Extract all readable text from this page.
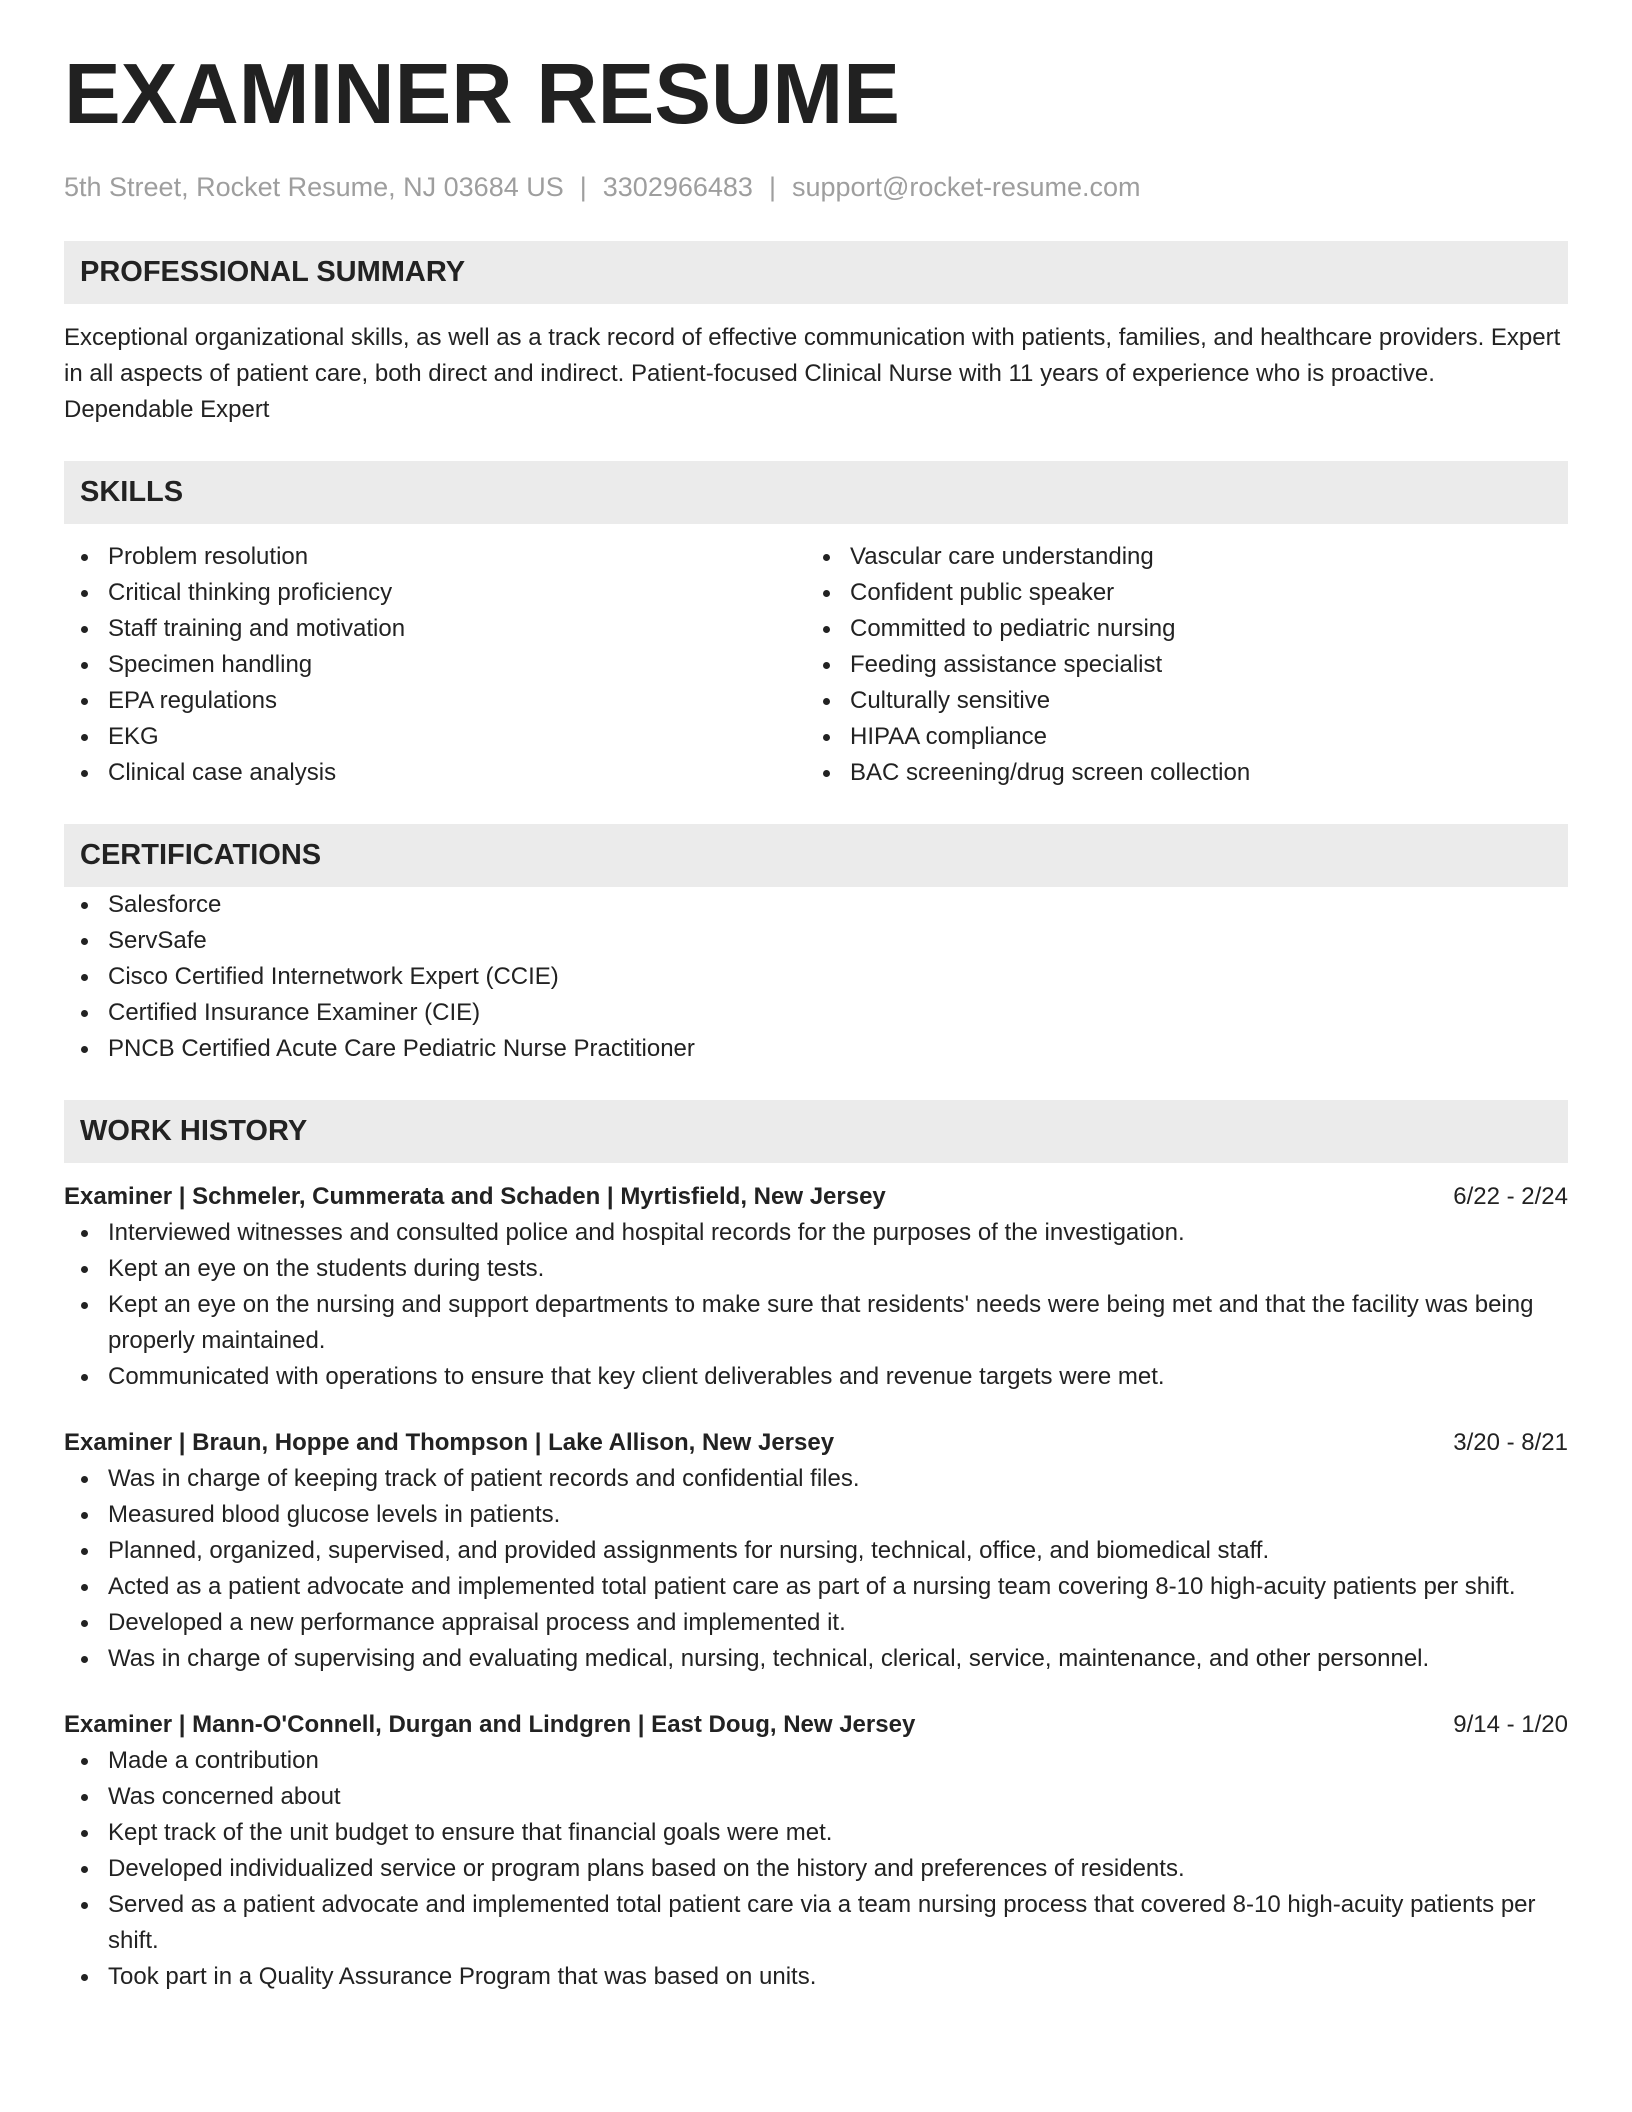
EXAMINER RESUME
5th Street, Rocket Resume, NJ 03684 US | 3302966483 | support@rocket-resume.com
PROFESSIONAL SUMMARY
Exceptional organizational skills, as well as a track record of effective communication with patients, families, and healthcare providers. Expert in all aspects of patient care, both direct and indirect. Patient-focused Clinical Nurse with 11 years of experience who is proactive. Dependable Expert
SKILLS
Problem resolution
Critical thinking proficiency
Staff training and motivation
Specimen handling
EPA regulations
EKG
Clinical case analysis
Vascular care understanding
Confident public speaker
Committed to pediatric nursing
Feeding assistance specialist
Culturally sensitive
HIPAA compliance
BAC screening/drug screen collection
CERTIFICATIONS
Salesforce
ServSafe
Cisco Certified Internetwork Expert (CCIE)
Certified Insurance Examiner (CIE)
PNCB Certified Acute Care Pediatric Nurse Practitioner
WORK HISTORY
Examiner | Schmeler, Cummerata and Schaden | Myrtisfield, New Jersey	6/22 - 2/24
Interviewed witnesses and consulted police and hospital records for the purposes of the investigation.
Kept an eye on the students during tests.
Kept an eye on the nursing and support departments to make sure that residents' needs were being met and that the facility was being properly maintained.
Communicated with operations to ensure that key client deliverables and revenue targets were met.
Examiner | Braun, Hoppe and Thompson | Lake Allison, New Jersey	3/20 - 8/21
Was in charge of keeping track of patient records and confidential files.
Measured blood glucose levels in patients.
Planned, organized, supervised, and provided assignments for nursing, technical, office, and biomedical staff.
Acted as a patient advocate and implemented total patient care as part of a nursing team covering 8-10 high-acuity patients per shift.
Developed a new performance appraisal process and implemented it.
Was in charge of supervising and evaluating medical, nursing, technical, clerical, service, maintenance, and other personnel.
Examiner | Mann-O'Connell, Durgan and Lindgren | East Doug, New Jersey	9/14 - 1/20
Made a contribution
Was concerned about
Kept track of the unit budget to ensure that financial goals were met.
Developed individualized service or program plans based on the history and preferences of residents.
Served as a patient advocate and implemented total patient care via a team nursing process that covered 8-10 high-acuity patients per shift.
Took part in a Quality Assurance Program that was based on units.
